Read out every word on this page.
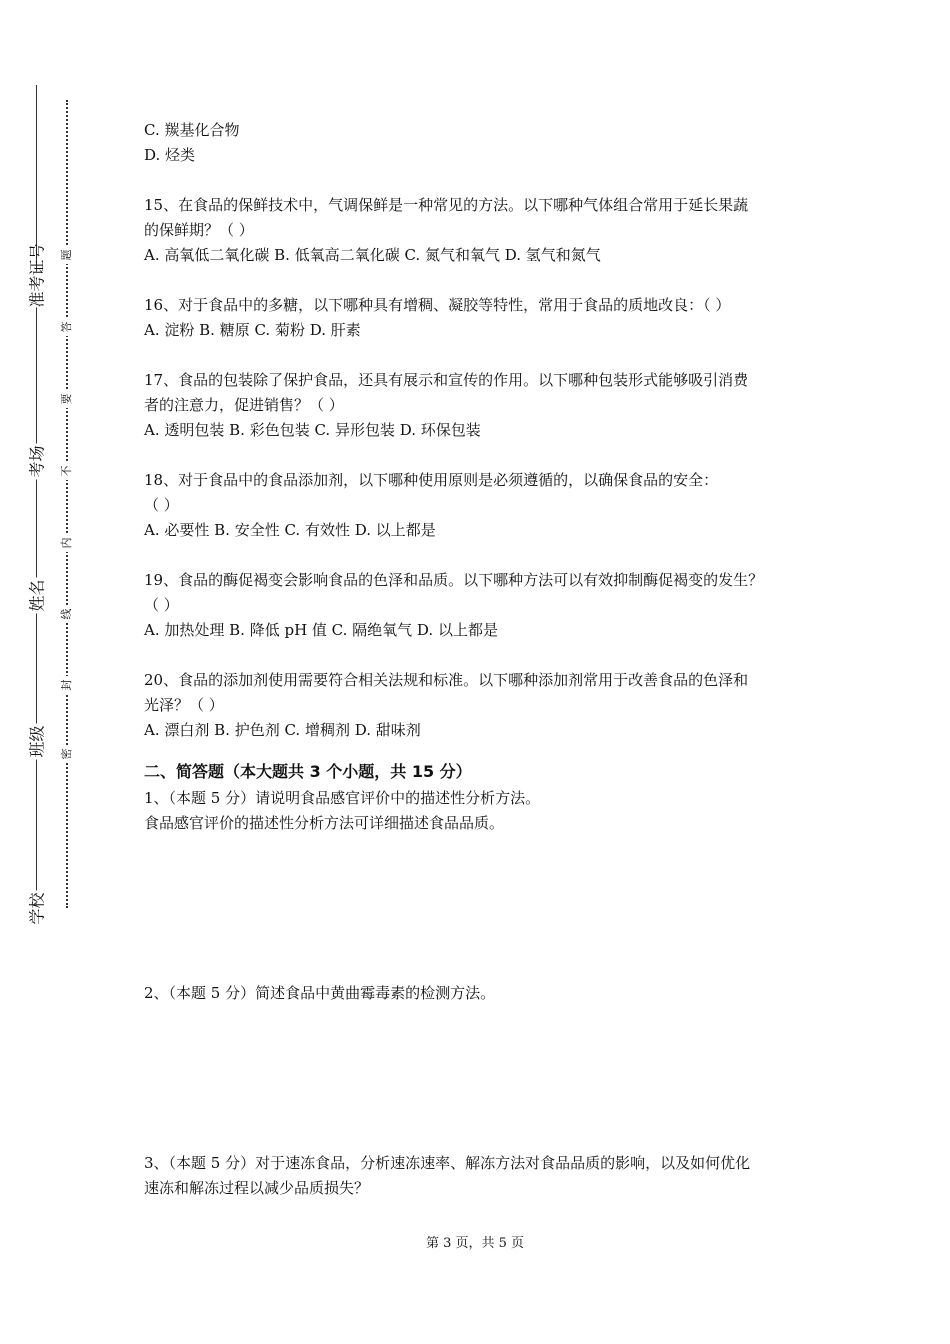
准考证号
考场
姓名
班级
学校
密
封
线
内
不
要
答
题
C. 羰基化合物
D. 烃类
15、在食品的保鲜技术中，气调保鲜是一种常见的方法。以下哪种气体组合常用于延长果蔬
的保鲜期？（ ）
A. 高氧低二氧化碳 B. 低氧高二氧化碳 C. 氮气和氧气 D. 氢气和氮气
16、对于食品中的多糖，以下哪种具有增稠、凝胶等特性，常用于食品的质地改良：（ ）
A. 淀粉 B. 糖原 C. 菊粉 D. 肝素
17、食品的包装除了保护食品，还具有展示和宣传的作用。以下哪种包装形式能够吸引消费
者的注意力，促进销售？（ ）
A. 透明包装 B. 彩色包装 C. 异形包装 D. 环保包装
18、对于食品中的食品添加剂，以下哪种使用原则是必须遵循的，以确保食品的安全：
（ ）
A. 必要性 B. 安全性 C. 有效性 D. 以上都是
19、食品的酶促褐变会影响食品的色泽和品质。以下哪种方法可以有效抑制酶促褐变的发生？
（ ）
A. 加热处理 B. 降低 pH 值 C. 隔绝氧气 D. 以上都是
20、食品的添加剂使用需要符合相关法规和标准。以下哪种添加剂常用于改善食品的色泽和
光泽？（ ）
A. 漂白剂 B. 护色剂 C. 增稠剂 D. 甜味剂
二、简答题（本大题共 3 个小题，共 15 分）
1、（本题 5 分）请说明食品感官评价中的描述性分析方法。
食品感官评价的描述性分析方法可详细描述食品品质。
2、（本题 5 分）简述食品中黄曲霉毒素的检测方法。
3、（本题 5 分）对于速冻食品，分析速冻速率、解冻方法对食品品质的影响，以及如何优化
速冻和解冻过程以减少品质损失？
第 3 页，共 5 页
